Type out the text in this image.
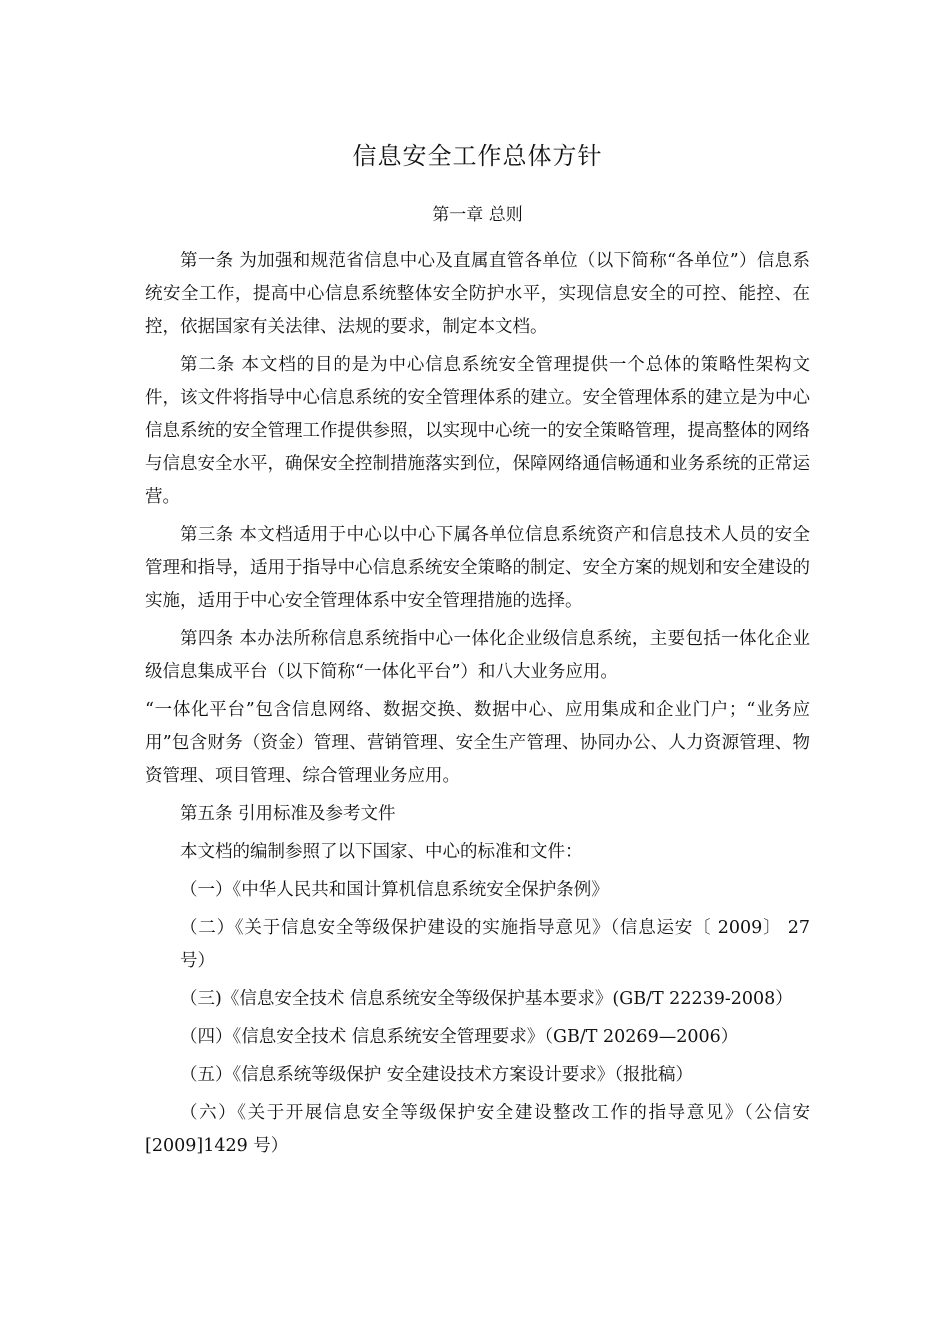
信息安全工作总体方针
第一章 总则

第一条 为加强和规范省信息中心及直属直管各单位（以下简称“各单位”）信息系统安全工作，提高中心信息系统整体安全防护水平，实现信息安全的可控、能控、在控，依据国家有关法律、法规的要求，制定本文档。

第二条 本文档的目的是为中心信息系统安全管理提供一个总体的策略性架构文件，该文件将指导中心信息系统的安全管理体系的建立。安全管理体系的建立是为中心信息系统的安全管理工作提供参照，以实现中心统一的安全策略管理，提高整体的网络与信息安全水平，确保安全控制措施落实到位，保障网络通信畅通和业务系统的正常运营。

第三条 本文档适用于中心以中心下属各单位信息系统资产和信息技术人员的安全管理和指导，适用于指导中心信息系统安全策略的制定、安全方案的规划和安全建设的实施，适用于中心安全管理体系中安全管理措施的选择。

第四条 本办法所称信息系统指中心一体化企业级信息系统，主要包括一体化企业级信息集成平台（以下简称“一体化平台”）和八大业务应用。

“一体化平台”包含信息网络、数据交换、数据中心、应用集成和企业门户；“业务应用”包含财务（资金）管理、营销管理、安全生产管理、协同办公、人力资源管理、物资管理、项目管理、综合管理业务应用。

第五条 引用标准及参考文件

本文档的编制参照了以下国家、中心的标准和文件：

（一）《中华人民共和国计算机信息系统安全保护条例》

（二）《关于信息安全等级保护建设的实施指导意见》（信息运安〔 2009〕 27 号）

（三)《信息安全技术 信息系统安全等级保护基本要求》(GB/T 22239-2008）

（四）《信息安全技术 信息系统安全管理要求》（GB/T 20269—2006）

（五）《信息系统等级保护 安全建设技术方案设计要求》（报批稿）

（六）《关于开展信息安全等级保护安全建设整改工作的指导意见》（公信安[2009]1429 号）
